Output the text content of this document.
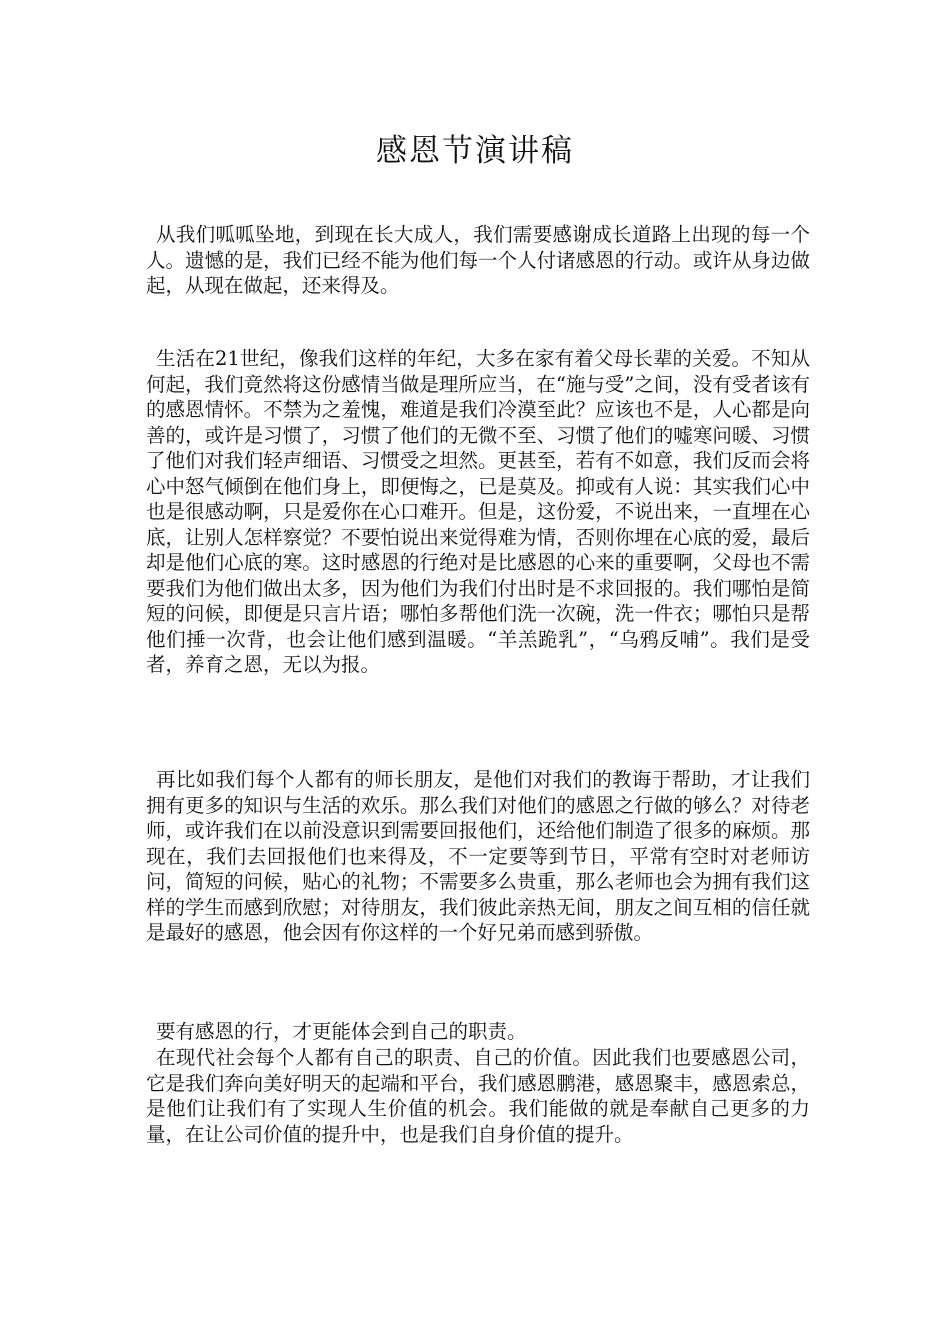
感恩节演讲稿

从我们呱呱坠地，到现在长大成人，我们需要感谢成长道路上出现的每一个人。遗憾的是，我们已经不能为他们每一个人付诸感恩的行动。或许从身边做起，从现在做起，还来得及。

生活在21世纪，像我们这样的年纪，大多在家有着父母长辈的关爱。不知从何起，我们竟然将这份感情当做是理所应当，在“施与受”之间，没有受者该有的感恩情怀。不禁为之羞愧，难道是我们冷漠至此？应该也不是，人心都是向善的，或许是习惯了，习惯了他们的无微不至、习惯了他们的嘘寒问暖、习惯了他们对我们轻声细语、习惯受之坦然。更甚至，若有不如意，我们反而会将心中怒气倾倒在他们身上，即便悔之，已是莫及。抑或有人说：其实我们心中也是很感动啊，只是爱你在心口难开。但是，这份爱，不说出来，一直埋在心底，让别人怎样察觉？不要怕说出来觉得难为情，否则你埋在心底的爱，最后却是他们心底的寒。这时感恩的行绝对是比感恩的心来的重要啊，父母也不需要我们为他们做出太多，因为他们为我们付出时是不求回报的。我们哪怕是简短的问候，即便是只言片语；哪怕多帮他们洗一次碗，洗一件衣；哪怕只是帮他们捶一次背，也会让他们感到温暖。“羊羔跪乳”，“乌鸦反哺”。我们是受者，养育之恩，无以为报。

再比如我们每个人都有的师长朋友，是他们对我们的教诲于帮助，才让我们拥有更多的知识与生活的欢乐。那么我们对他们的感恩之行做的够么？对待老师，或许我们在以前没意识到需要回报他们，还给他们制造了很多的麻烦。那现在，我们去回报他们也来得及，不一定要等到节日，平常有空时对老师访问，简短的问候，贴心的礼物；不需要多么贵重，那么老师也会为拥有我们这样的学生而感到欣慰；对待朋友，我们彼此亲热无间，朋友之间互相的信任就是最好的感恩，他会因有你这样的一个好兄弟而感到骄傲。

要有感恩的行，才更能体会到自己的职责。

在现代社会每个人都有自己的职责、自己的价值。因此我们也要感恩公司，它是我们奔向美好明天的起端和平台，我们感恩鹏港，感恩聚丰，感恩索总，是他们让我们有了实现人生价值的机会。我们能做的就是奉献自己更多的力量，在让公司价值的提升中，也是我们自身价值的提升。
